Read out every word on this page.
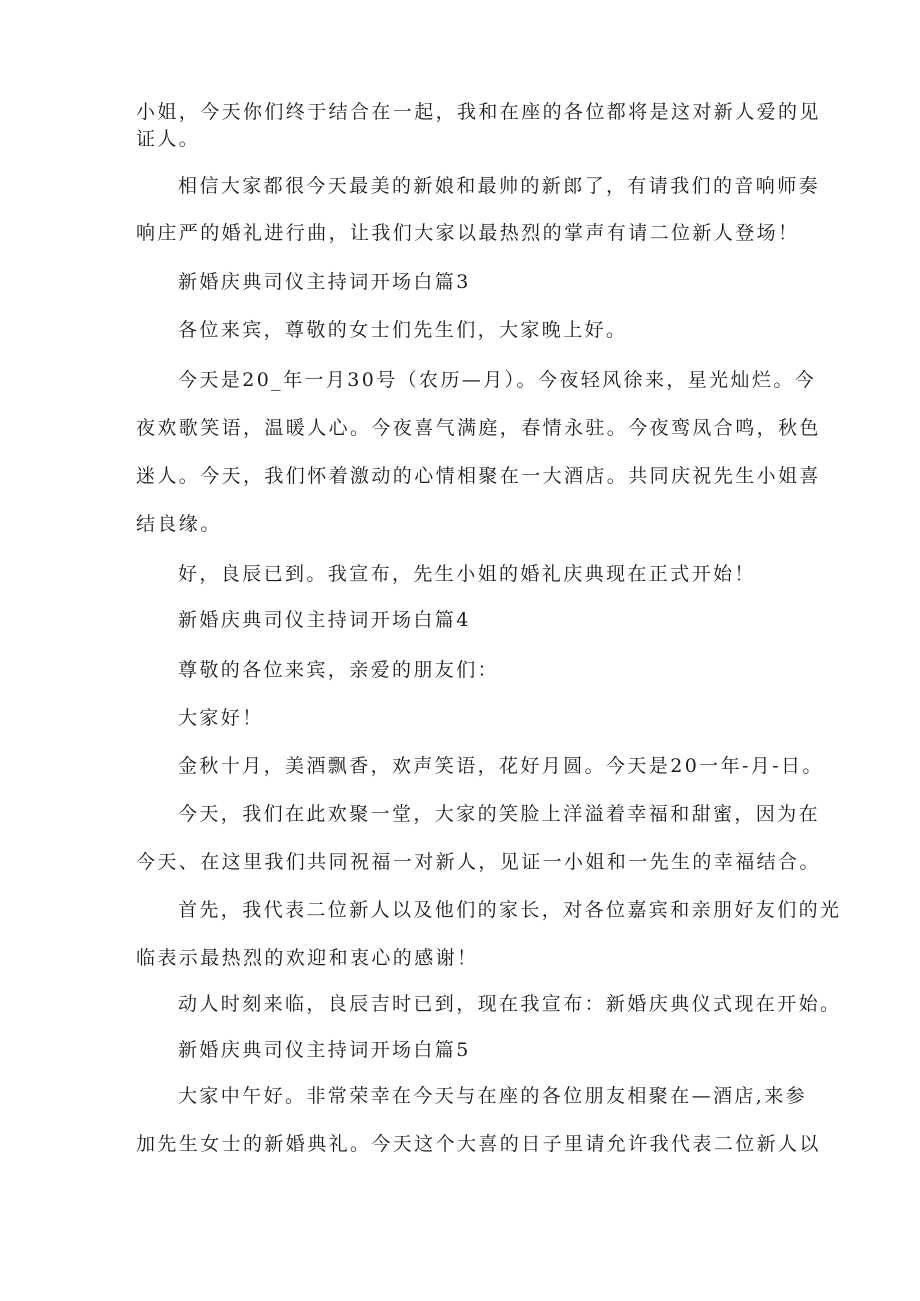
小姐，今天你们终于结合在一起，我和在座的各位都将是这对新人爱的见
证人。
相信大家都很今天最美的新娘和最帅的新郎了，有请我们的音响师奏
响庄严的婚礼进行曲，让我们大家以最热烈的掌声有请二位新人登场！
新婚庆典司仪主持词开场白篇3
各位来宾，尊敬的女士们先生们，大家晚上好。
今天是20_年一月30号（农历—月）。今夜轻风徐来，星光灿烂。今
夜欢歌笑语，温暖人心。今夜喜气满庭，春情永驻。今夜鸾凤合鸣，秋色
迷人。今天，我们怀着激动的心情相聚在一大酒店。共同庆祝先生小姐喜
结良缘。
好，良辰已到。我宣布，先生小姐的婚礼庆典现在正式开始！
新婚庆典司仪主持词开场白篇4
尊敬的各位来宾，亲爱的朋友们：
大家好！
金秋十月，美酒飘香，欢声笑语，花好月圆。今天是20一年-月-日。
今天，我们在此欢聚一堂，大家的笑脸上洋溢着幸福和甜蜜，因为在
今天、在这里我们共同祝福一对新人，见证一小姐和一先生的幸福结合。
首先，我代表二位新人以及他们的家长，对各位嘉宾和亲朋好友们的光
临表示最热烈的欢迎和衷心的感谢！
动人时刻来临，良辰吉时已到，现在我宣布：新婚庆典仪式现在开始。
新婚庆典司仪主持词开场白篇5
大家中午好。非常荣幸在今天与在座的各位朋友相聚在—酒店,来参
加先生女士的新婚典礼。今天这个大喜的日子里请允许我代表二位新人以
